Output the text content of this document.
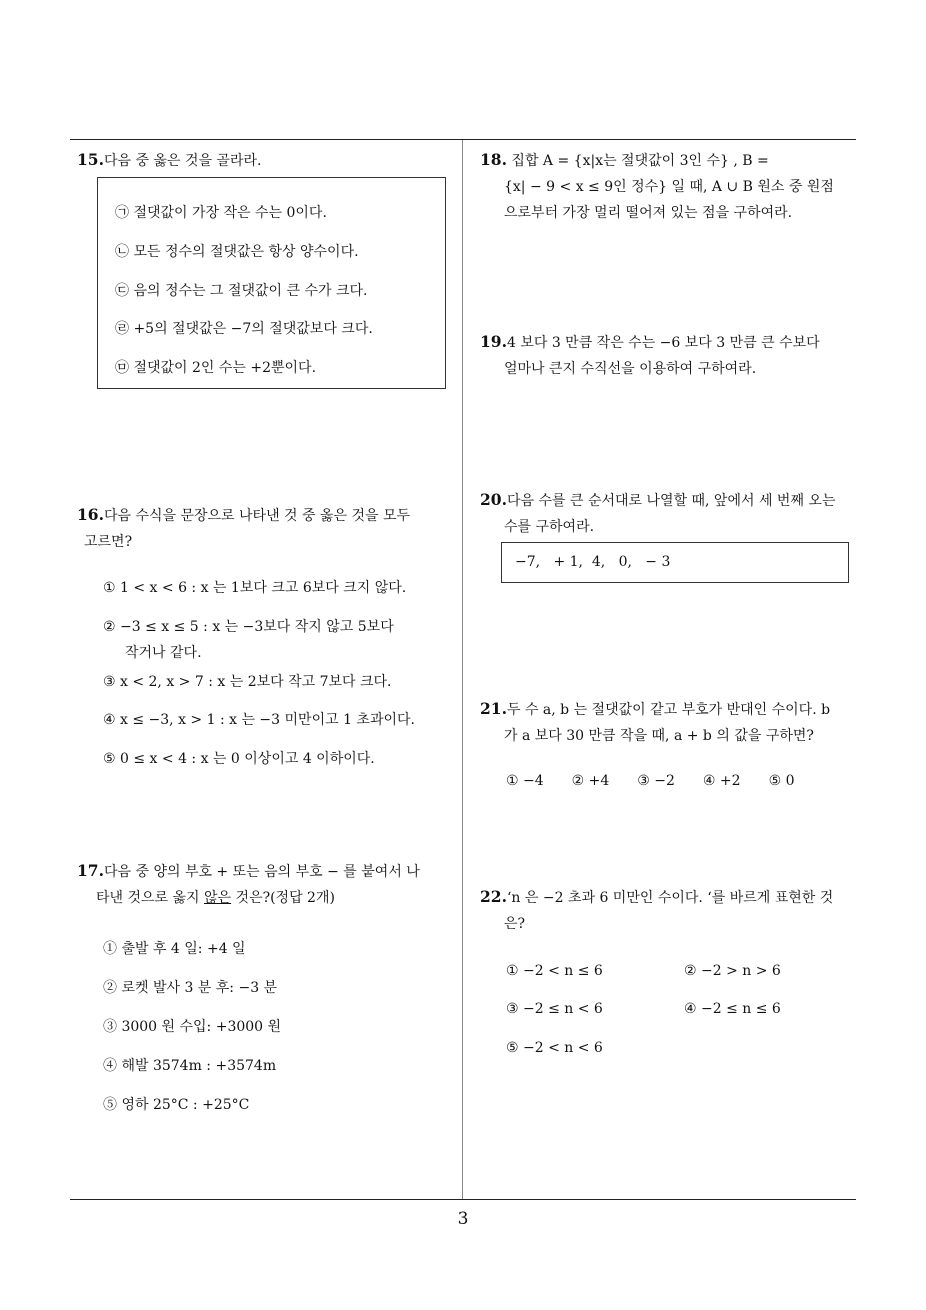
3
15.다음 중 옳은 것을 골라라.
㉠ 절댓값이 가장 작은 수는 0이다.
㉡ 모든 정수의 절댓값은 항상 양수이다.
㉢ 음의 정수는 그 절댓값이 큰 수가 크다.
㉣ +5의 절댓값은 −7의 절댓값보다 크다.
㉤ 절댓값이 2인 수는 +2뿐이다.
16.다음 수식을 문장으로 나타낸 것 중 옳은 것을 모두
고르면?
① 1 < x < 6 : x 는 1보다 크고 6보다 크지 않다.
② −3 ≤ x ≤ 5 : x 는 −3보다 작지 않고 5보다
작거나 같다.
③ x < 2, x > 7 : x 는 2보다 작고 7보다 크다.
④ x ≤ −3, x > 1 : x 는 −3 미만이고 1 초과이다.
⑤ 0 ≤ x < 4 : x 는 0 이상이고 4 이하이다.
17.다음 중 양의 부호 + 또는 음의 부호 − 를 붙여서 나
타낸 것으로 옳지 않은 것은?(정답 2개)
① 출발 후 4 일: +4 일
② 로켓 발사 3 분 후: −3 분
③ 3000 원 수입: +3000 원
④ 해발 3574m : +3574m
⑤ 영하 25°C : +25°C
18. 집합 A = {x|x는 절댓값이 3인 수} , B =
{x| − 9 < x ≤ 9인 정수} 일 때, A ∪ B 원소 중 원점
으로부터 가장 멀리 떨어져 있는 점을 구하여라.
19.4 보다 3 만큼 작은 수는 −6 보다 3 만큼 큰 수보다
얼마나 큰지 수직선을 이용하여 구하여라.
20.다음 수를 큰 순서대로 나열할 때, 앞에서 세 번째 오는
수를 구하여라.
−7,   + 1,  4,   0,   − 3
21.두 수 a, b 는 절댓값이 같고 부호가 반대인 수이다. b
가 a 보다 30 만큼 작을 때, a + b 의 값을 구하면?
① −4 ② +4 ③ −2 ④ +2 ⑤ 0
22.‘n 은 −2 초과 6 미만인 수이다. ‘를 바르게 표현한 것
은?
① −2 < n ≤ 6	② −2 > n > 6
③ −2 ≤ n < 6	④ −2 ≤ n ≤ 6
⑤ −2 < n < 6
